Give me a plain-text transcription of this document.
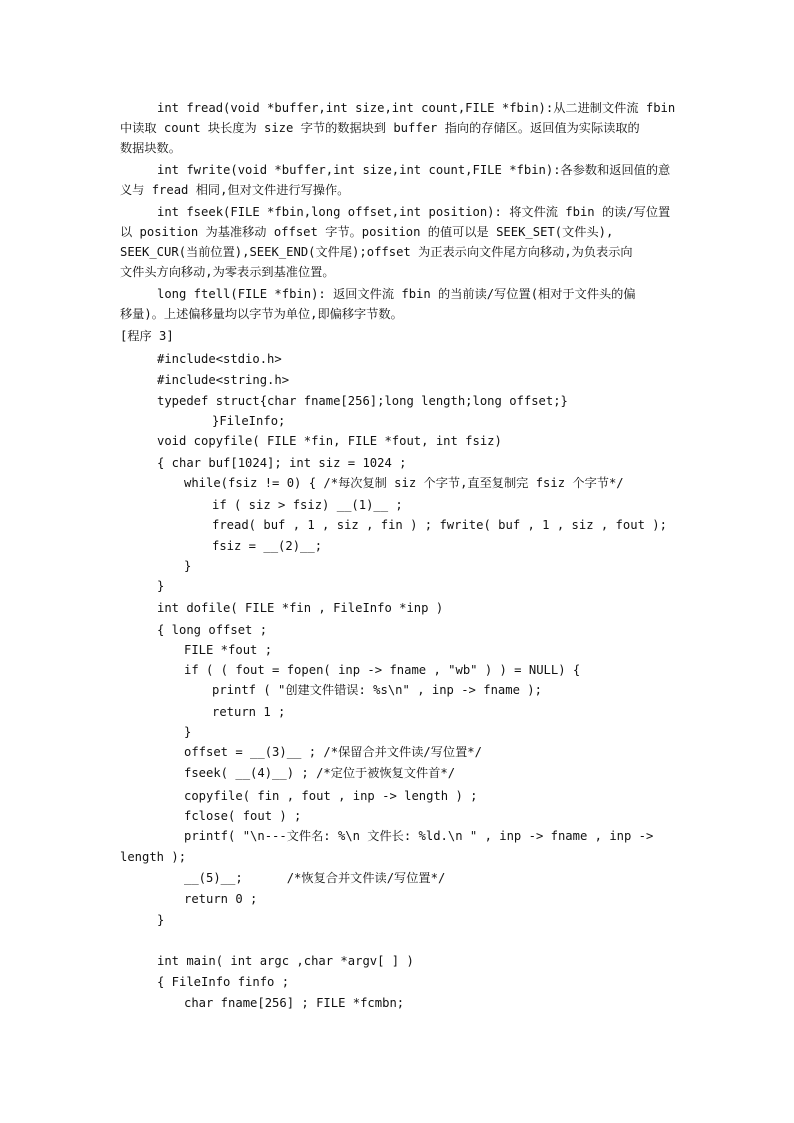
int fread(void *buffer,int size,int count,FILE *fbin):从二进制文件流 fbin
中读取 count 块长度为 size 字节的数据块到 buffer 指向的存储区。返回值为实际读取的
数据块数。
int fwrite(void *buffer,int size,int count,FILE *fbin):各参数和返回值的意
义与 fread 相同,但对文件进行写操作。
int fseek(FILE *fbin,long offset,int position): 将文件流 fbin 的读/写位置
以 position 为基准移动 offset 字节。position 的值可以是 SEEK_SET(文件头),
SEEK_CUR(当前位置),SEEK_END(文件尾);offset 为正表示向文件尾方向移动,为负表示向
文件头方向移动,为零表示到基准位置。
long ftell(FILE *fbin): 返回文件流 fbin 的当前读/写位置(相对于文件头的偏
移量)。上述偏移量均以字节为单位,即偏移字节数。
[程序 3]
#include<stdio.h>
#include<string.h>
typedef struct{char fname[256];long length;long offset;}
}FileInfo;
void copyfile( FILE *fin, FILE *fout, int fsiz)
{ char buf[1024]; int siz = 1024 ;
while(fsiz != 0) { /*每次复制 siz 个字节,直至复制完 fsiz 个字节*/
if ( siz > fsiz) __(1)__ ;
fread( buf , 1 , siz , fin ) ; fwrite( buf , 1 , siz , fout );
fsiz = __(2)__;
}
}
int dofile( FILE *fin , FileInfo *inp )
{ long offset ;
FILE *fout ;
if ( ( fout = fopen( inp -> fname , "wb" ) ) = NULL) {
printf ( "创建文件错误: %s\n" , inp -> fname );
return 1 ;
}
offset = __(3)__ ; /*保留合并文件读/写位置*/
fseek( __(4)__) ; /*定位于被恢复文件首*/
copyfile( fin , fout , inp -> length ) ;
fclose( fout ) ;
printf( "\n---文件名: %\n 文件长: %ld.\n " , inp -> fname , inp ->
length );
__(5)__;      /*恢复合并文件读/写位置*/
return 0 ;
}
int main( int argc ,char *argv[ ] )
{ FileInfo finfo ;
char fname[256] ; FILE *fcmbn;
